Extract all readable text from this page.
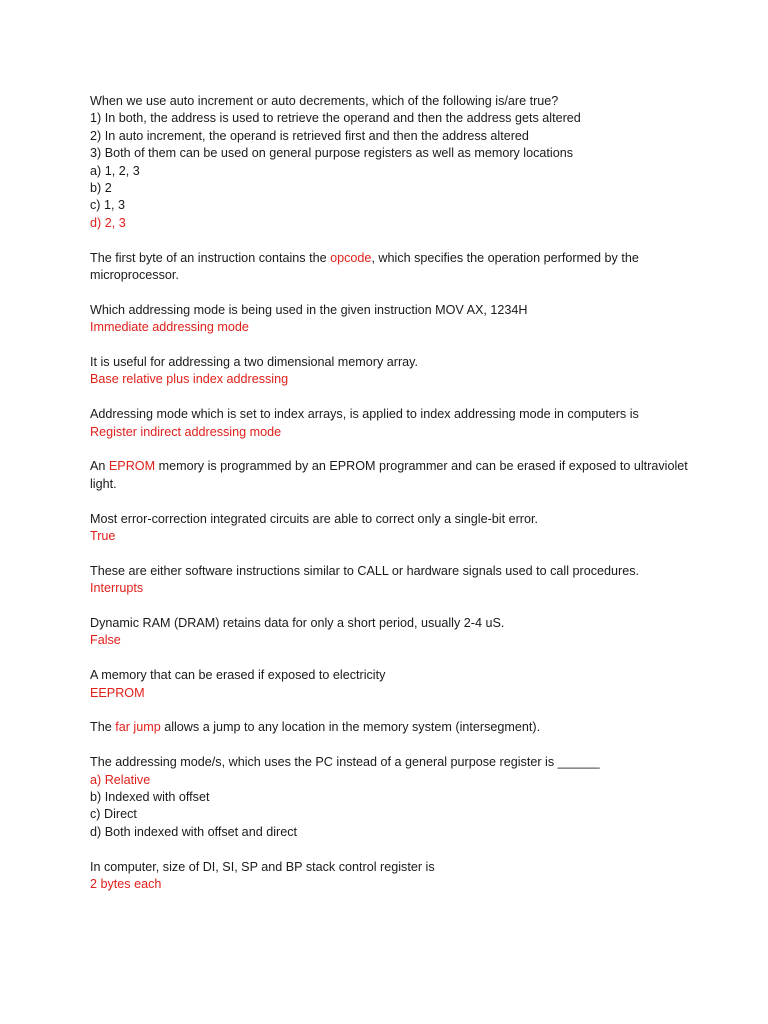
When we use auto increment or auto decrements, which of the following is/are true?
1) In both, the address is used to retrieve the operand and then the address gets altered
2) In auto increment, the operand is retrieved first and then the address altered
3) Both of them can be used on general purpose registers as well as memory locations
a) 1, 2, 3
b) 2
c) 1, 3
d) 2, 3
The first byte of an instruction contains the opcode, which specifies the operation performed by the microprocessor.
Which addressing mode is being used in the given instruction MOV AX, 1234H
Immediate addressing mode
It is useful for addressing a two dimensional memory array.
Base relative plus index addressing
Addressing mode which is set to index arrays, is applied to index addressing mode in computers is
Register indirect addressing mode
An EPROM memory is programmed by an EPROM programmer and can be erased if exposed to ultraviolet light.
Most error-correction integrated circuits are able to correct only a single-bit error.
True
These are either software instructions similar to CALL or hardware signals used to call procedures.
Interrupts
Dynamic RAM (DRAM) retains data for only a short period, usually 2-4 uS.
False
A memory that can be erased if exposed to electricity
EEPROM
The far jump allows a jump to any location in the memory system (intersegment).
The addressing mode/s, which uses the PC instead of a general purpose register is ______
a) Relative
b) Indexed with offset
c) Direct
d) Both indexed with offset and direct
In computer, size of DI, SI, SP and BP stack control register is
2 bytes each
